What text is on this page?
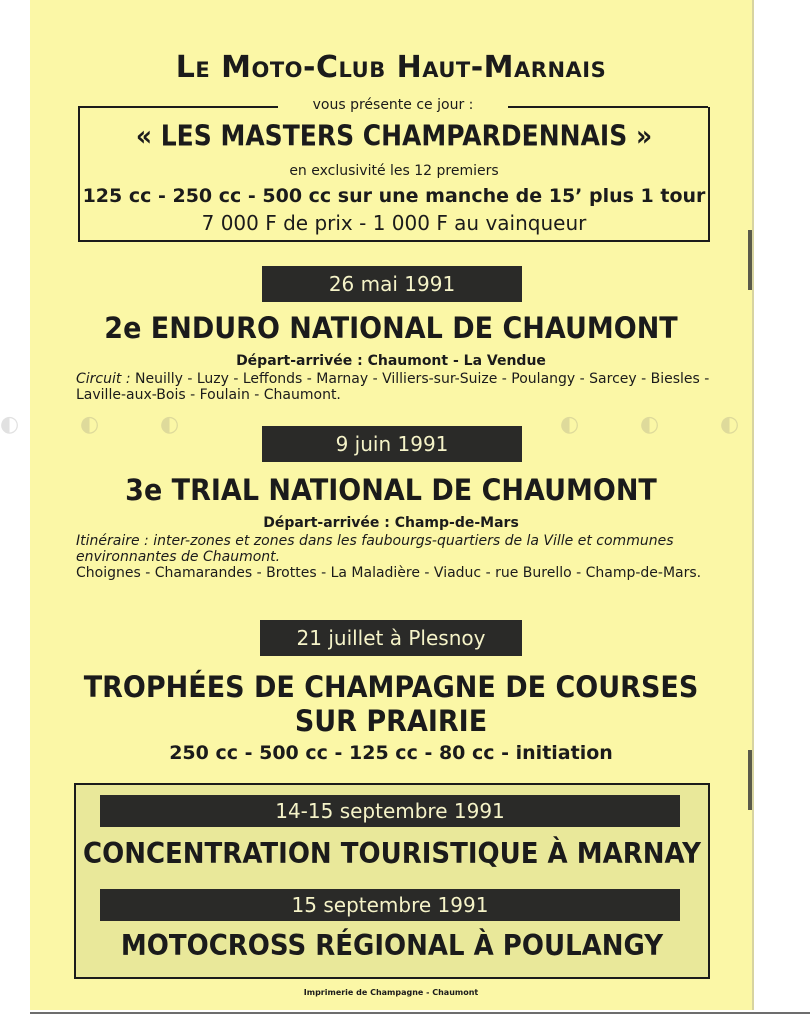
Le Moto-Club Haut-Marnais
« LES MASTERS CHAMPARDENNAIS »
en exclusivité les 12 premiers
125 cc - 250 cc - 500 cc sur une manche de 15’ plus 1 tour
7 000 F de prix - 1 000 F au vainqueur
vous présente ce jour :
26 mai 1991
2e ENDURO NATIONAL DE CHAUMONT
Départ-arrivée : Chaumont - La Vendue
Circuit : Neuilly - Luzy - Leffonds - Marnay - Villiers-sur-Suize - Poulangy - Sarcey - Biesles - Laville-aux-Bois - Foulain - Chaumont.
9 juin 1991
3e TRIAL NATIONAL DE CHAUMONT
Départ-arrivée : Champ-de-Mars
Itinéraire : inter-zones et zones dans les faubourgs-quartiers de la Ville et communes environnantes de Chaumont.
Choignes - Chamarandes - Brottes - La Maladière - Viaduc - rue Burello - Champ-de-Mars.
21 juillet à Plesnoy
TROPHÉES DE CHAMPAGNE DE COURSES
SUR PRAIRIE
250 cc - 500 cc - 125 cc - 80 cc - initiation
14-15 septembre 1991
CONCENTRATION TOURISTIQUE À MARNAY
15 septembre 1991
MOTOCROSS RÉGIONAL À POULANGY
Imprimerie de Champagne - Chaumont
◐	◐	◐	◐	◐	◐
